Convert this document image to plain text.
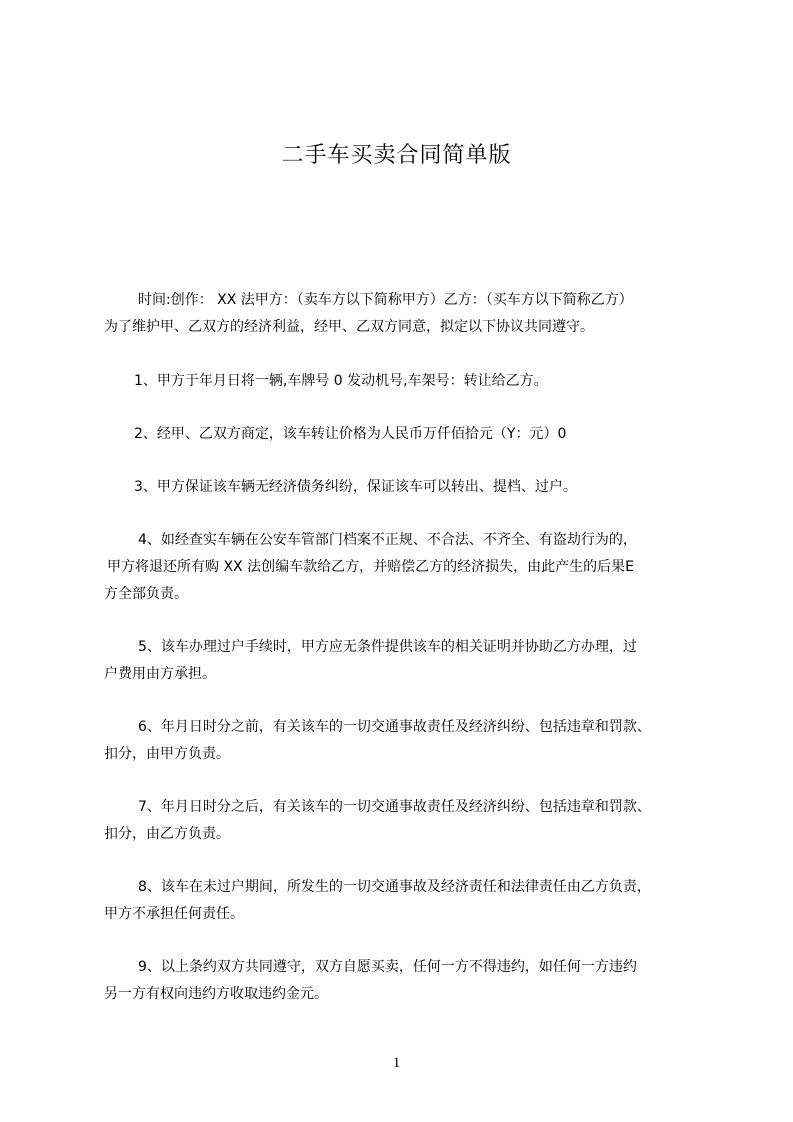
二手车买卖合同简单版
时间:创作： XX 法甲方：（卖车方以下简称甲方）乙方：（买车方以下简称乙方）
为了维护甲、乙双方的经济利益，经甲、乙双方同意，拟定以下协议共同遵守。
1、甲方于年月日将一辆,车牌号 0 发动机号,车架号：转让给乙方。
2、经甲、乙双方商定，该车转让价格为人民币万仟佰拾元（Y：元）0
3、甲方保证该车辆无经济债务纠纷，保证该车可以转出、提档、过户。
4、如经查实车辆在公安车管部门档案不正规、不合法、不齐全、有盗劫行为的，
甲方将退还所有购 XX 法创编车款给乙方，并赔偿乙方的经济损失，由此产生的后果E
方全部负责。
5、该车办理过户手续时，甲方应无条件提供该车的相关证明并协助乙方办理，过
户费用由方承担。
6、年月日时分之前，有关该车的一切交通事故责任及经济纠纷、包括违章和罚款、
扣分，由甲方负责。
7、年月日时分之后，有关该车的一切交通事故责任及经济纠纷、包括违章和罚款、
扣分，由乙方负责。
8、该车在未过户期间，所发生的一切交通事故及经济责任和法律责任由乙方负责，
甲方不承担任何责任。
9、以上条约双方共同遵守，双方自愿买卖，任何一方不得违约，如任何一方违约
另一方有权向违约方收取违约金元。
1
